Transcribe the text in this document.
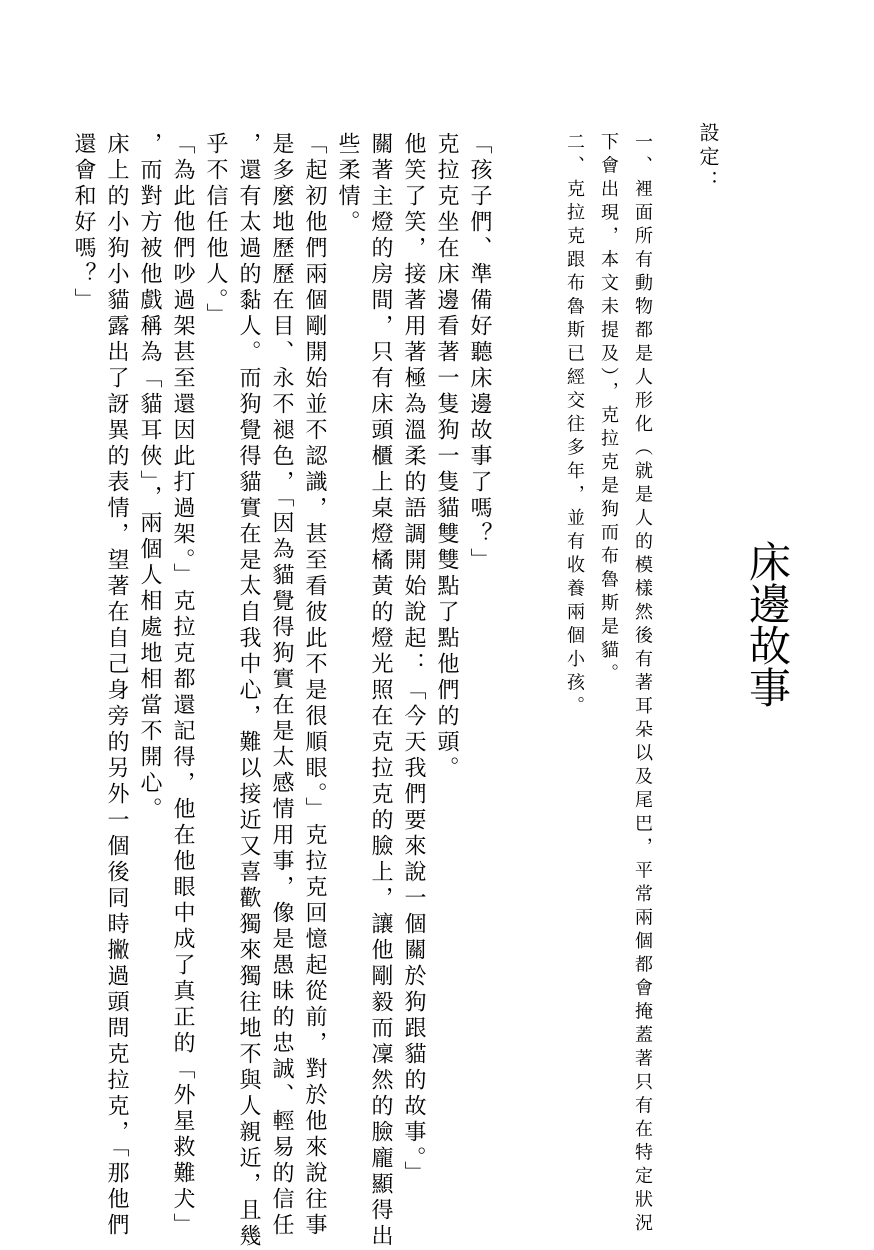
床邊故事
設定：
一、裡面所有動物都是人形化（就是人的模樣然後有著耳朵以及尾巴，平常兩個都會掩蓋著只有在特定狀況
下會出現，本文未提及），克拉克是狗而布魯斯是貓。
二、克拉克跟布魯斯已經交往多年，並有收養兩個小孩。
「孩子們、準備好聽床邊故事了嗎？」
克拉克坐在床邊看著一隻狗一隻貓雙雙點了點他們的頭。
他笑了笑，接著用著極為溫柔的語調開始說起：「今天我們要來說一個關於狗跟貓的故事。」
關著主燈的房間，只有床頭櫃上桌燈橘黃的燈光照在克拉克的臉上，讓他剛毅而凜然的臉龐顯得出
些柔情。
「起初他們兩個剛開始並不認識，甚至看彼此不是很順眼。」克拉克回憶起從前，對於他來說往事
是多麼地歷歷在目、永不褪色，「因為貓覺得狗實在是太感情用事，像是愚昧的忠誠、輕易的信任
，還有太過的黏人。而狗覺得貓實在是太自我中心，難以接近又喜歡獨來獨往地不與人親近，且幾
乎不信任他人。」
「為此他們吵過架甚至還因此打過架。」克拉克都還記得，他在他眼中成了真正的「外星救難犬」
，而對方被他戲稱為「貓耳俠」，兩個人相處地相當不開心。
床上的小狗小貓露出了訝異的表情，望著在自己身旁的另外一個後同時撇過頭問克拉克，「那他們
還會和好嗎？」
